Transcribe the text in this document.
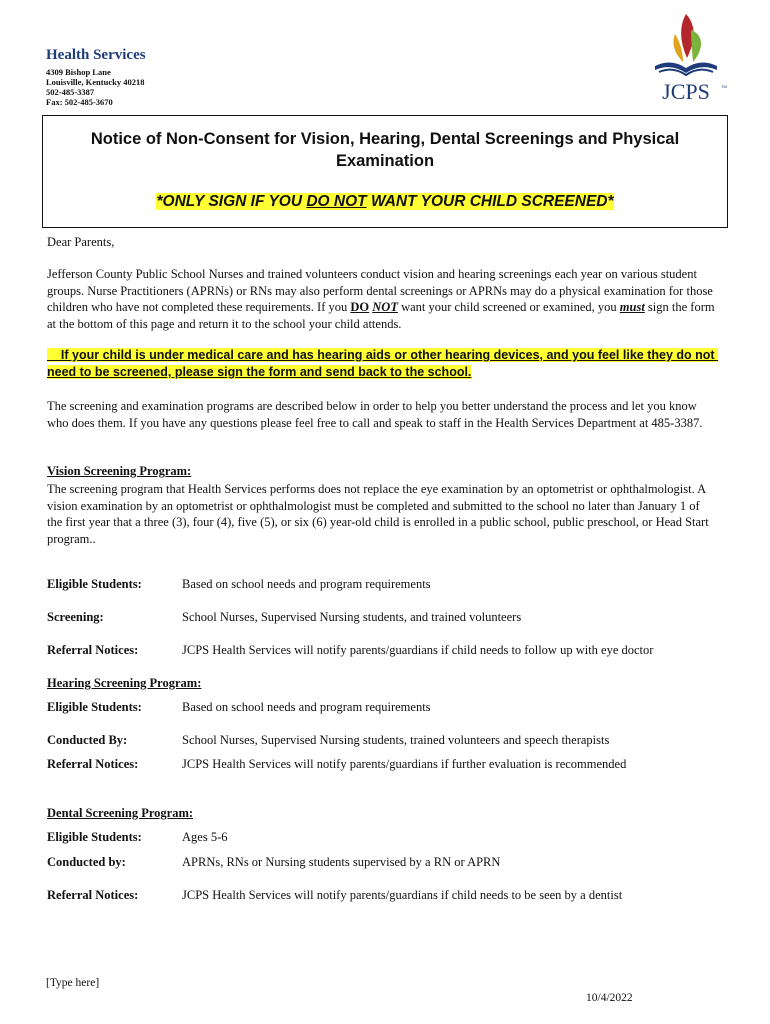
Health Services
4309 Bishop Lane
Louisville, Kentucky 40218
502-485-3387
Fax: 502-485-3670	JCPS	TM
Notice of Non-Consent for Vision, Hearing, Dental Screenings and Physical
Examination
*ONLY SIGN IF YOU DO NOT WANT YOUR CHILD SCREENED*
Dear Parents,
Jefferson County Public School Nurses and trained volunteers conduct vision and hearing screenings each year on various student groups. Nurse Practitioners (APRNs) or RNs may also perform dental screenings or APRNs may do a physical examination for those children who have not completed these requirements. If you DO NOT want your child screened or examined, you must sign the form at the bottom of this page and return it to the school your child attends.
If your child is under medical care and has hearing aids or other hearing devices, and you feel like they do not need to be screened, please sign the form and send back to the school.
The screening and examination programs are described below in order to help you better understand the process and let you know who does them. If you have any questions please feel free to call and speak to staff in the Health Services Department at 485-3387.
Vision Screening Program:
The screening program that Health Services performs does not replace the eye examination by an optometrist or ophthalmologist. A vision examination by an optometrist or ophthalmologist must be completed and submitted to the school no later than January 1 of the first year that a three (3), four (4), five (5), or six (6) year-old child is enrolled in a public school, public preschool, or Head Start program..
Eligible Students:	Based on school needs and program requirements
Screening:	School Nurses, Supervised Nursing students, and trained volunteers
Referral Notices:	JCPS Health Services will notify parents/guardians if child needs to follow up with eye doctor
Hearing Screening Program:
Eligible Students:	Based on school needs and program requirements
Conducted By:	School Nurses, Supervised Nursing students, trained volunteers and speech therapists
Referral Notices:	JCPS Health Services will notify parents/guardians if further evaluation is recommended
Dental Screening Program:
Eligible Students:	Ages 5-6
Conducted by:	APRNs, RNs or Nursing students supervised by a RN or APRN
Referral Notices:	JCPS Health Services will notify parents/guardians if child needs to be seen by a dentist
[Type here]
10/4/2022
